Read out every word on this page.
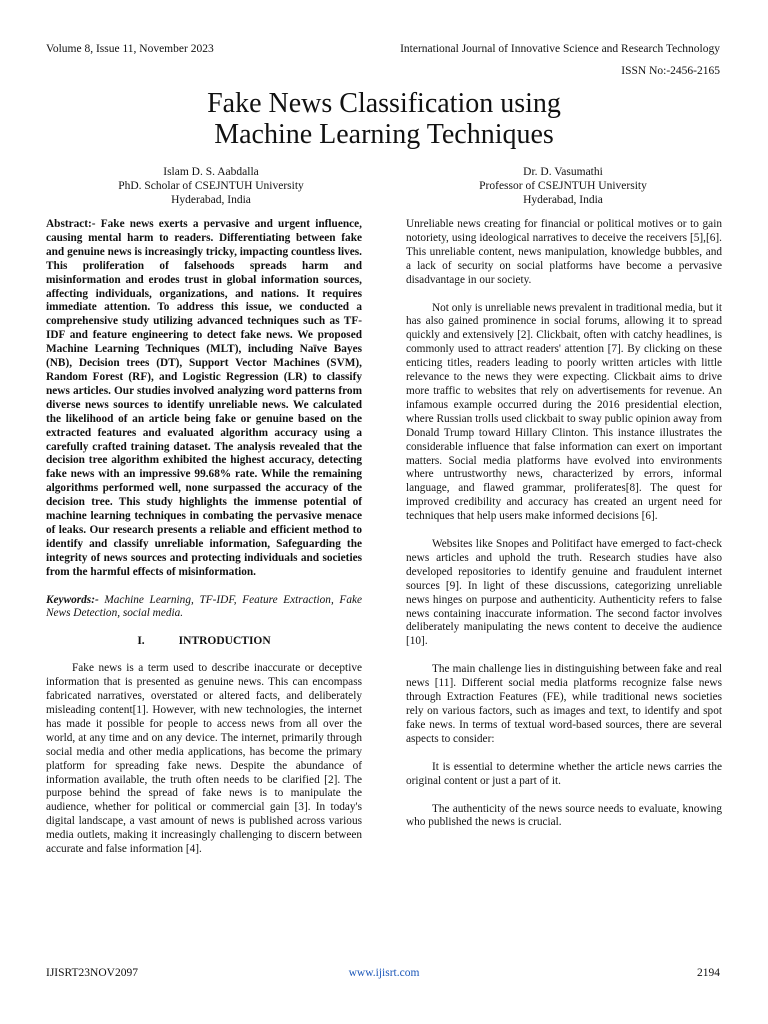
Volume 8, Issue 11, November 2023	International Journal of Innovative Science and Research Technology
ISSN No:-2456-2165
Fake News Classification using
Machine Learning Techniques
Islam D. S. Aabdalla
PhD. Scholar of CSEJNTUH University
Hyderabad, India
Dr. D. Vasumathi
Professor of CSEJNTUH University
Hyderabad, India

Abstract:- Fake news exerts a pervasive and urgent influence, causing mental harm to readers. Differentiating between fake and genuine news is increasingly tricky, impacting countless lives. This proliferation of falsehoods spreads harm and misinformation and erodes trust in global information sources, affecting individuals, organizations, and nations. It requires immediate attention. To address this issue, we conducted a comprehensive study utilizing advanced techniques such as TF-IDF and feature engineering to detect fake news. We proposed Machine Learning Techniques (MLT), including Naïve Bayes (NB), Decision trees (DT), Support Vector Machines (SVM), Random Forest (RF), and Logistic Regression (LR) to classify news articles. Our studies involved analyzing word patterns from diverse news sources to identify unreliable news. We calculated the likelihood of an article being fake or genuine based on the extracted features and evaluated algorithm accuracy using a carefully crafted training dataset. The analysis revealed that the decision tree algorithm exhibited the highest accuracy, detecting fake news with an impressive 99.68% rate. While the remaining algorithms performed well, none surpassed the accuracy of the decision tree. This study highlights the immense potential of machine learning techniques in combating the pervasive menace of leaks. Our research presents a reliable and efficient method to identify and classify unreliable information, Safeguarding the integrity of news sources and protecting individuals and societies from the harmful effects of misinformation.

Keywords:- Machine Learning, TF-IDF, Feature Extraction, Fake News Detection, social media.

I.	INTRODUCTION

Fake news is a term used to describe inaccurate or deceptive information that is presented as genuine news. This can encompass fabricated narratives, overstated or altered facts, and deliberately misleading content[1]. However, with new technologies, the internet has made it possible for people to access news from all over the world, at any time and on any device. The internet, primarily through social media and other media applications, has become the primary platform for spreading fake news. Despite the abundance of information available, the truth often needs to be clarified [2]. The purpose behind the spread of fake news is to manipulate the audience, whether for political or commercial gain [3]. In today's digital landscape, a vast amount of news is published across various media outlets, making it increasingly challenging to discern between accurate and false information [4].

Unreliable news creating for financial or political motives or to gain notoriety, using ideological narratives to deceive the receivers [5],[6]. This unreliable content, news manipulation, knowledge bubbles, and a lack of security on social platforms have become a pervasive disadvantage in our society.

Not only is unreliable news prevalent in traditional media, but it has also gained prominence in social forums, allowing it to spread quickly and extensively [2]. Clickbait, often with catchy headlines, is commonly used to attract readers' attention [7]. By clicking on these enticing titles, readers leading to poorly written articles with little relevance to the news they were expecting. Clickbait aims to drive more traffic to websites that rely on advertisements for revenue. An infamous example occurred during the 2016 presidential election, where Russian trolls used clickbait to sway public opinion away from Donald Trump toward Hillary Clinton. This instance illustrates the considerable influence that false information can exert on important matters. Social media platforms have evolved into environments where untrustworthy news, characterized by errors, informal language, and flawed grammar, proliferates[8]. The quest for improved credibility and accuracy has created an urgent need for techniques that help users make informed decisions [6].

Websites like Snopes and Politifact have emerged to fact-check news articles and uphold the truth. Research studies have also developed repositories to identify genuine and fraudulent internet sources [9]. In light of these discussions, categorizing unreliable news hinges on purpose and authenticity. Authenticity refers to false news containing inaccurate information. The second factor involves deliberately manipulating the news content to deceive the audience [10].

The main challenge lies in distinguishing between fake and real news [11]. Different social media platforms recognize false news through Extraction Features (FE), while traditional news societies rely on various factors, such as images and text, to identify and spot fake news. In terms of textual word-based sources, there are several aspects to consider:

It is essential to determine whether the article news carries the original content or just a part of it.

The authenticity of the news source needs to evaluate, knowing who published the news is crucial.

IJISRT23NOV2097	www.ijisrt.com	2194
